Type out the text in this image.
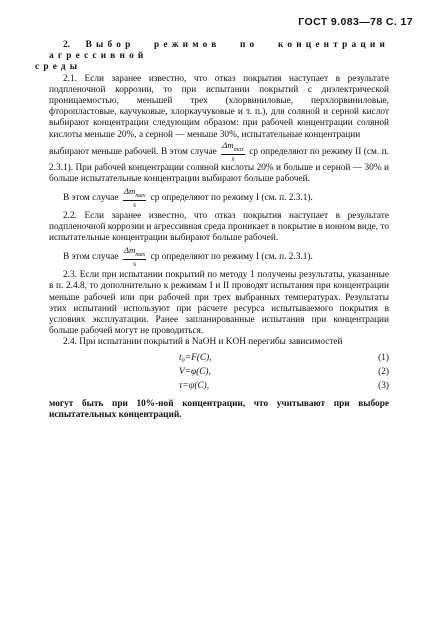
ГОСТ 9.083—78 С. 17

2. Выбор режимов по концентрации агрессивной
среды

2.1. Если заранее известно, что отказ покрытия наступает в результате подпленочной коррозии, то при испытании покрытий с диэлектрической проницаемостью, меньшей трех (хлорвиниловые, перхлорвиниловые, фторопластовые, каучуковые, хлоркаучуковые и т. п.), для соляной и серной кислот выбирают концентрации следующим образом: при рабочей концентрации соляной кислоты меньше 20%, а серной — меньше 30%, испытательные концентрации

выбирают меньше рабочей. В этом случае $\frac{\Delta m_{max}}{s}$ ср определяют по режиму II (см. п. 2.3.1). При рабочей концентрации соляной кислоты 20% и больше и серной — 30% и больше испытательные концентрации выбирают больше рабочей.

В этом случае $\frac{\Delta m_{max}}{s}$ ср определяют по режиму I (см. п. 2.3.1).

2.2. Если заранее известно, что отказ покрытия наступает в результате подпленочной коррозии и агрессивная среда проникает в покрытие в ионном виде, то испытательные концентрации выбирают больше рабочей.

В этом случае $\frac{\Delta m_{max}}{s}$ ср определяют по режиму I (см. п. 2.3.1).

2.3. Если при испытании покрытий по методу 1 получены результаты, указанные в п. 2.4.8, то дополнительно к режимам I и II проводят испытания при концентрации меньше рабочей или при рабочей при трех выбранных температурах. Результаты этих испытаний используют при расчете ресурса испытываемого покрытия в условиях эксплуатации. Ранее запланированные испытания при концентрации больше рабочей могут не проводиться.

2.4. При испытании покрытий в NaOH и KOH перегибы зависимостей

t₀=F(C),	(1)
V=φ(C),	(2)
τ=ψ(C),	(3)

могут быть при 10%-ной концентрации, что учитывают при выборе испытательных концентраций.
